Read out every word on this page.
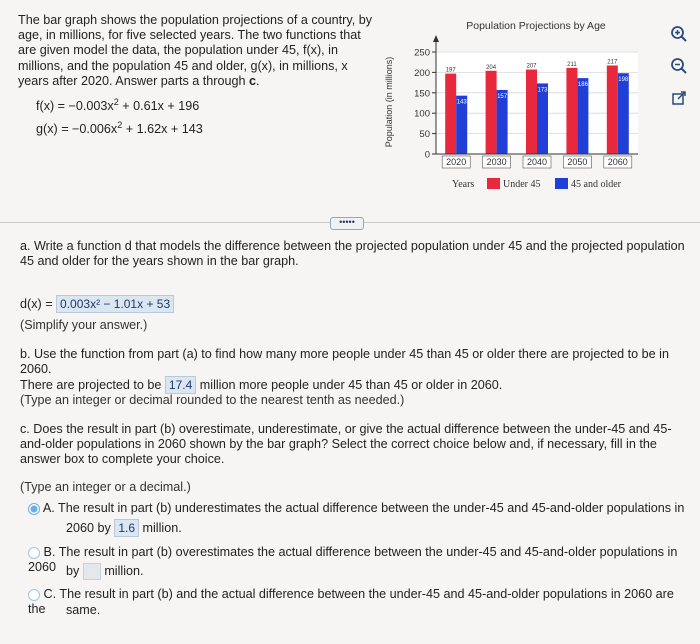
The bar graph shows the population projections of a country, by age, in millions, for five selected years. The two functions that are given model the data, the population under 45, f(x), in millions, and the population 45 and older, g(x), in millions, x years after 2020. Answer parts a through c.
$f(x) = -0.003x^2 + 0.61x + 196$
$g(x) = -0.006x^2 + 1.62x + 143$
Population Projections by Age
Population (in millions)	197
143
204
157
207
173
211
186
217
198
0
50
100
150
200
250
2020 2030 2040 2050 2060
Years	Under 45	45 and older
•••••
a. Write a function d that models the difference between the projected population under 45 and the projected population 45 and older for the years shown in the bar graph.
d(x) = 0.003x² − 1.01x + 53
(Simplify your answer.)
b. Use the function from part (a) to find how many more people under 45 than 45 or older there are projected to be in 2060.
There are projected to be 17.4 million more people under 45 than 45 or older in 2060.
(Type an integer or decimal rounded to the nearest tenth as needed.)
c. Does the result in part (b) overestimate, underestimate, or give the actual difference between the under-45 and 45-and-older populations in 2060 shown by the bar graph? Select the correct choice below and, if necessary, fill in the answer box to complete your choice.
(Type an integer or a decimal.)
A. The result in part (b) underestimates the actual difference between the under-45 and 45-and-older populations in
2060 by 1.6 million.
B. The result in part (b) overestimates the actual difference between the under-45 and 45-and-older populations in 2060 by million.
C. The result in part (b) and the actual difference between the under-45 and 45-and-older populations in 2060 are the	same.
